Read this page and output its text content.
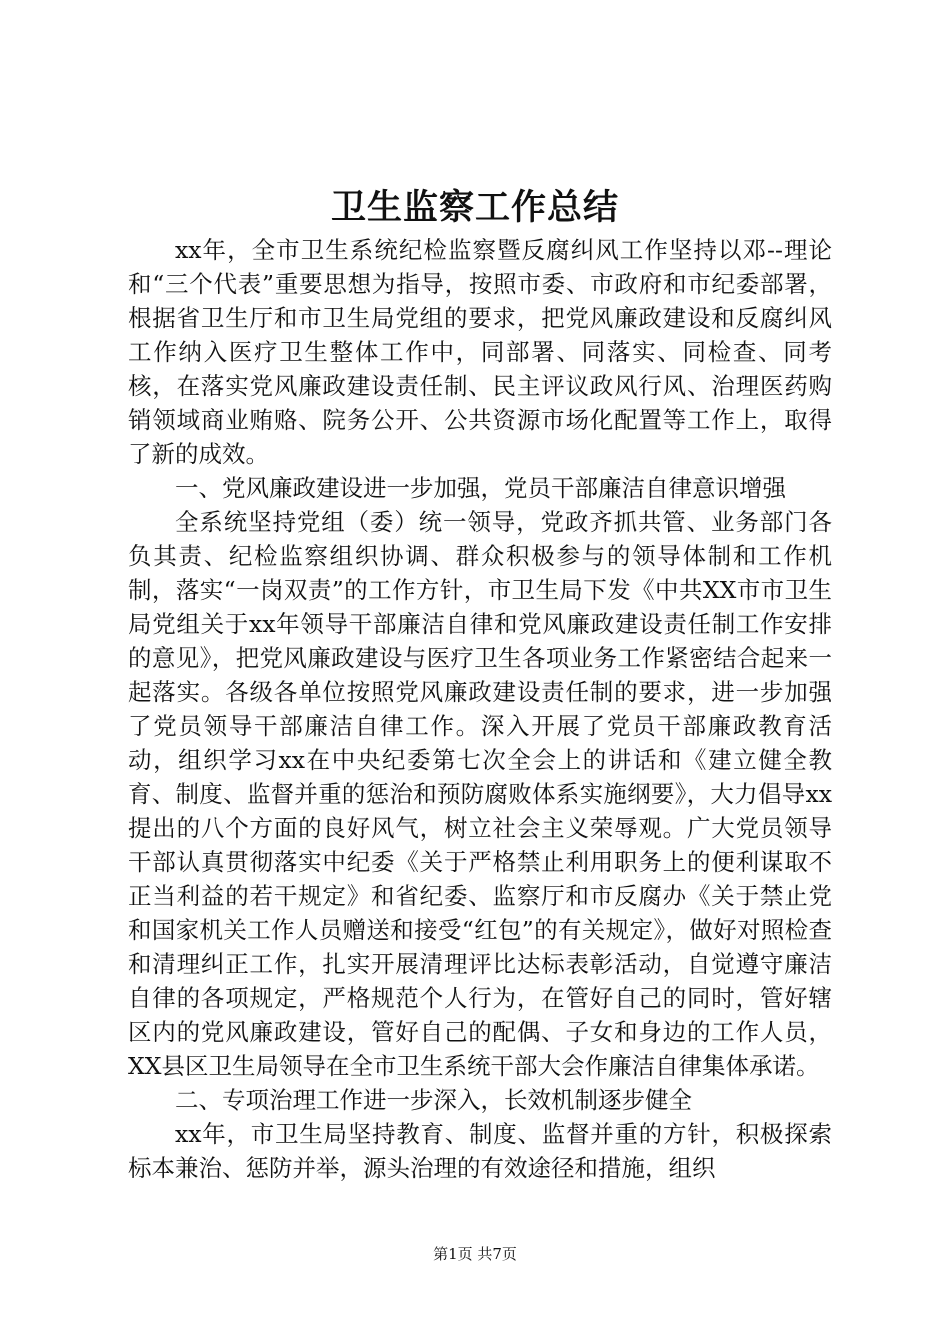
卫生监察工作总结

xx年，全市卫生系统纪检监察暨反腐纠风工作坚持以邓--理论和“三个代表”重要思想为指导，按照市委、市政府和市纪委部署，根据省卫生厅和市卫生局党组的要求，把党风廉政建设和反腐纠风工作纳入医疗卫生整体工作中，同部署、同落实、同检查、同考核，在落实党风廉政建设责任制、民主评议政风行风、治理医药购销领域商业贿赂、院务公开、公共资源市场化配置等工作上，取得了新的成效。

一、党风廉政建设进一步加强，党员干部廉洁自律意识增强

全系统坚持党组（委）统一领导，党政齐抓共管、业务部门各负其责、纪检监察组织协调、群众积极参与的领导体制和工作机制，落实“一岗双责”的工作方针，市卫生局下发《中共XX市市卫生局党组关于xx年领导干部廉洁自律和党风廉政建设责任制工作安排的意见》，把党风廉政建设与医疗卫生各项业务工作紧密结合起来一起落实。各级各单位按照党风廉政建设责任制的要求，进一步加强了党员领导干部廉洁自律工作。深入开展了党员干部廉政教育活动，组织学习xx在中央纪委第七次全会上的讲话和《建立健全教育、制度、监督并重的惩治和预防腐败体系实施纲要》，大力倡导xx提出的八个方面的良好风气，树立社会主义荣辱观。广大党员领导干部认真贯彻落实中纪委《关于严格禁止利用职务上的便利谋取不正当利益的若干规定》和省纪委、监察厅和市反腐办《关于禁止党和国家机关工作人员赠送和接受“红包”的有关规定》，做好对照检查和清理纠正工作，扎实开展清理评比达标表彰活动，自觉遵守廉洁自律的各项规定，严格规范个人行为，在管好自己的同时，管好辖区内的党风廉政建设，管好自己的配偶、子女和身边的工作人员，XX县区卫生局领导在全市卫生系统干部大会作廉洁自律集体承诺。

二、专项治理工作进一步深入，长效机制逐步健全

xx年，市卫生局坚持教育、制度、监督并重的方针，积极探索标本兼治、惩防并举，源头治理的有效途径和措施，组织

第1页 共7页
